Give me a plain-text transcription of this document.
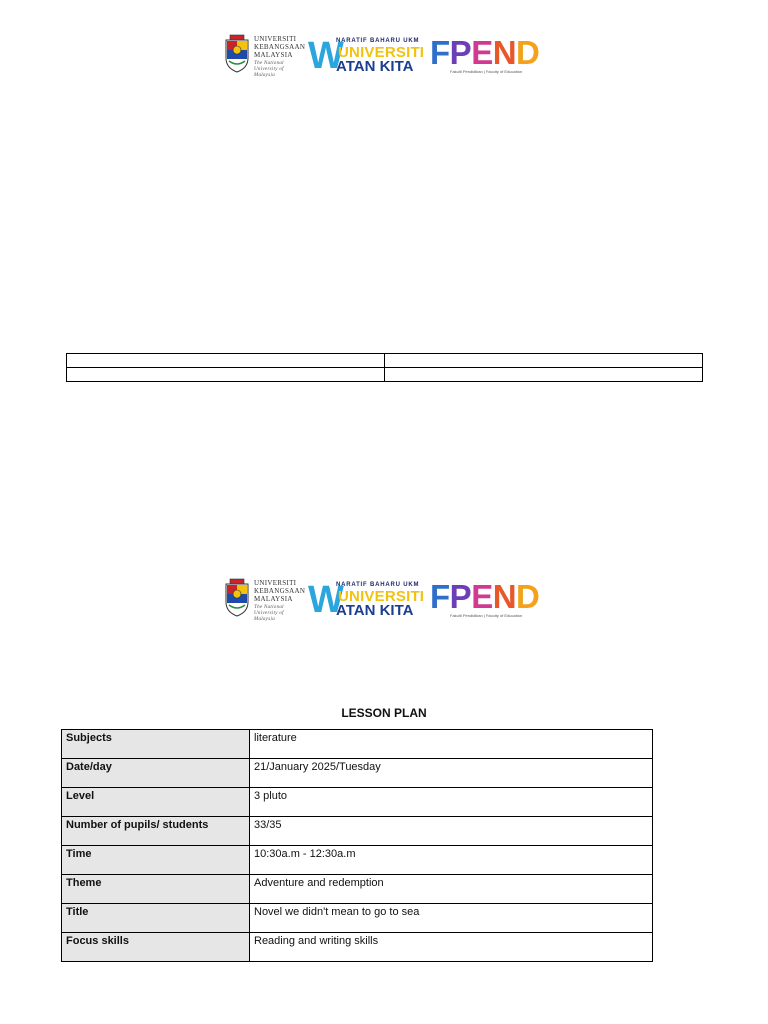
UNIVERSITI
KEBANGSAAN
MALAYSIA
The National University of Malaysia W
NARATIF BAHARU UKM
UNIVERSITI
ATAN KITA FPEND
Fakulti Pendidikan | Faculty of Education

UNIVERSITI
KEBANGSAAN
MALAYSIA
The National University of Malaysia W
NARATIF BAHARU UKM
UNIVERSITI
ATAN KITA FPEND
Fakulti Pendidikan | Faculty of Education
LESSON PLAN
Subjects	literature
Date/day	21/January 2025/Tuesday
Level	3 pluto
Number of pupils/ students	33/35
Time	10:30a.m - 12:30a.m
Theme	Adventure and redemption
Title	Novel we didn't mean to go to sea
Focus skills	Reading and writing skills
